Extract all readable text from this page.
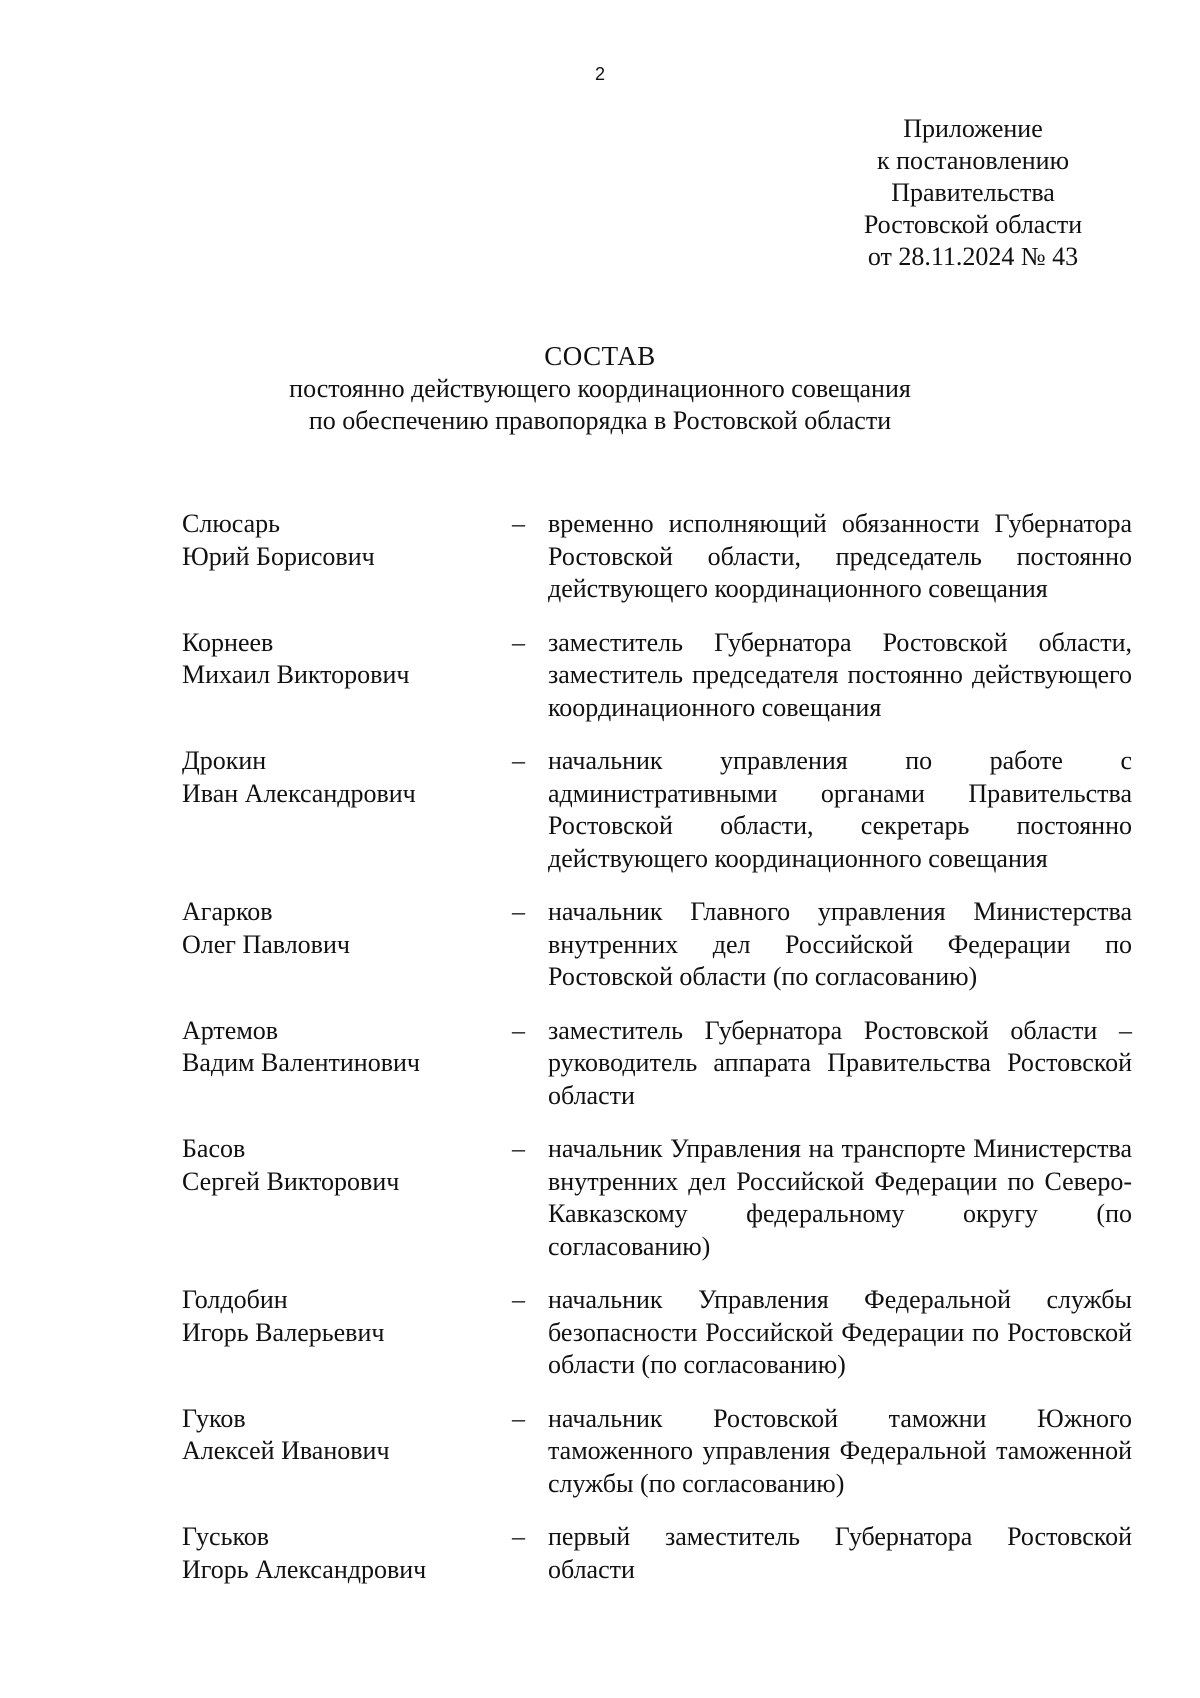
2
Приложение
к постановлению
Правительства
Ростовской области
от 28.11.2024 № 43
СОСТАВ
постоянно действующего координационного совещания
по обеспечению правопорядка в Ростовской области
Слюсарь
Юрий Борисович
– временно исполняющий обязанности Губернатора Ростовской области, председатель постоянно действующего координационного совещания
Корнеев
Михаил Викторович
– заместитель Губернатора Ростовской области, заместитель председателя постоянно действующего координационного совещания
Дрокин
Иван Александрович
– начальник управления по работе с административными органами Правительства Ростовской области, секретарь постоянно действующего координационного совещания
Агарков
Олег Павлович
– начальник Главного управления Министерства внутренних дел Российской Федерации по Ростовской области (по согласованию)
Артемов
Вадим Валентинович
– заместитель Губернатора Ростовской области – руководитель аппарата Правительства Ростовской области
Басов
Сергей Викторович
– начальник Управления на транспорте Министерства внутренних дел Российской Федерации по Северо-Кавказскому федеральному округу (по согласованию)
Голдобин
Игорь Валерьевич
– начальник Управления Федеральной службы безопасности Российской Федерации по Ростовской области (по согласованию)
Гуков
Алексей Иванович
– начальник Ростовской таможни Южного таможенного управления Федеральной таможенной службы (по согласованию)
Гуськов
Игорь Александрович
– первый заместитель Губернатора Ростовской области
